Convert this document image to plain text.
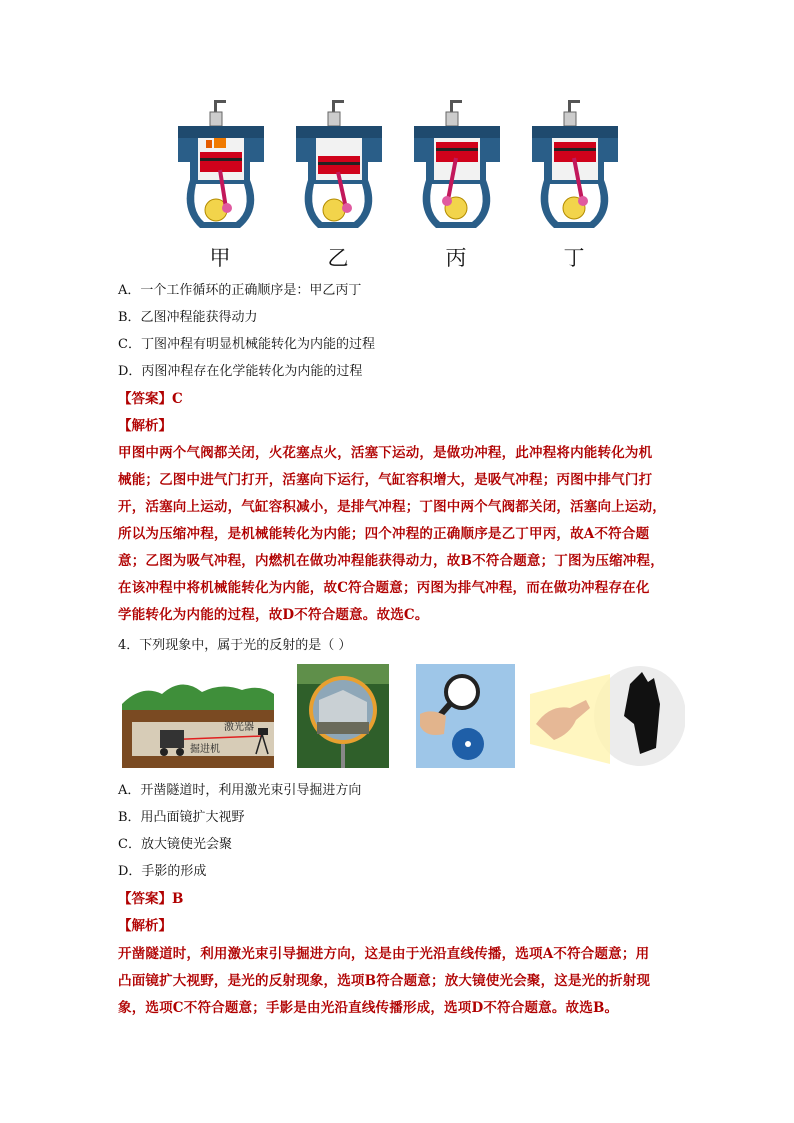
甲	乙	丙	丁
A．一个工作循环的正确顺序是：甲乙丙丁
B．乙图冲程能获得动力
C．丁图冲程有明显机械能转化为内能的过程
D．丙图冲程存在化学能转化为内能的过程
【答案】C
【解析】
甲图中两个气阀都关闭，火花塞点火，活塞下运动，是做功冲程，此冲程将内能转化为机
械能；乙图中进气门打开，活塞向下运行，气缸容积增大，是吸气冲程；丙图中排气门打
开，活塞向上运动，气缸容积减小，是排气冲程；丁图中两个气阀都关闭，活塞向上运动，
所以为压缩冲程，是机械能转化为内能；四个冲程的正确顺序是乙丁甲丙，故A不符合题
意；乙图为吸气冲程，内燃机在做功冲程能获得动力，故B不符合题意；丁图为压缩冲程，
在该冲程中将机械能转化为内能，故C符合题意；丙图为排气冲程，而在做功冲程存在化
学能转化为内能的过程，故D不符合题意。故选C。
4．下列现象中，属于光的反射的是（ ）
激光器
掘进机
A．开凿隧道时，利用激光束引导掘进方向
B．用凸面镜扩大视野
C．放大镜使光会聚
D．手影的形成
【答案】B
【解析】
开凿隧道时，利用激光束引导掘进方向，这是由于光沿直线传播，选项A不符合题意；用
凸面镜扩大视野，是光的反射现象，选项B符合题意；放大镜使光会聚，这是光的折射现
象，选项C不符合题意；手影是由光沿直线传播形成，选项D不符合题意。故选B。
